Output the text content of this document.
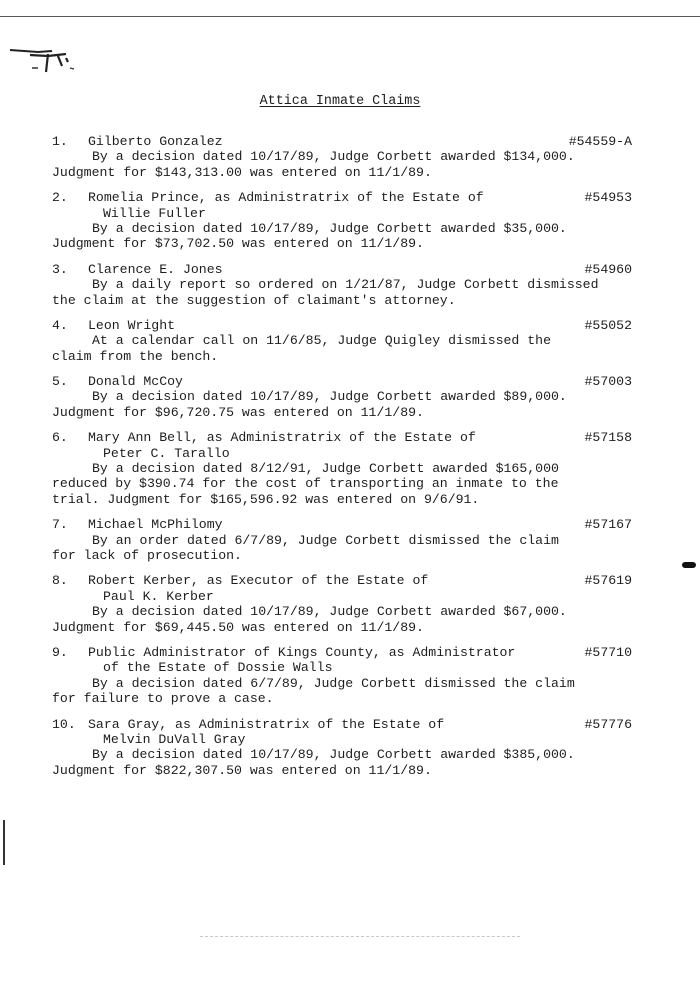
Attica Inmate Claims
1. Gilberto Gonzalez	#54559-A
By a decision dated 10/17/89, Judge Corbett awarded $134,000.
Judgment for $143,313.00 was entered on 11/1/89.
2. Romelia Prince, as Administratrix of the Estate of	#54953
Willie Fuller
By a decision dated 10/17/89, Judge Corbett awarded $35,000.
Judgment for $73,702.50 was entered on 11/1/89.
3. Clarence E. Jones	#54960
By a daily report so ordered on 1/21/87, Judge Corbett dismissed
the claim at the suggestion of claimant's attorney.
4. Leon Wright	#55052
At a calendar call on 11/6/85, Judge Quigley dismissed the
claim from the bench.
5. Donald McCoy	#57003
By a decision dated 10/17/89, Judge Corbett awarded $89,000.
Judgment for $96,720.75 was entered on 11/1/89.
6. Mary Ann Bell, as Administratrix of the Estate of	#57158
Peter C. Tarallo
By a decision dated 8/12/91, Judge Corbett awarded $165,000
reduced by $390.74 for the cost of transporting an inmate to the
trial. Judgment for $165,596.92 was entered on 9/6/91.
7. Michael McPhilomy	#57167
By an order dated 6/7/89, Judge Corbett dismissed the claim
for lack of prosecution.
8. Robert Kerber, as Executor of the Estate of	#57619
Paul K. Kerber
By a decision dated 10/17/89, Judge Corbett awarded $67,000.
Judgment for $69,445.50 was entered on 11/1/89.
9. Public Administrator of Kings County, as Administrator	#57710
of the Estate of Dossie Walls
By a decision dated 6/7/89, Judge Corbett dismissed the claim
for failure to prove a case.
10. Sara Gray, as Administratrix of the Estate of	#57776
Melvin DuVall Gray
By a decision dated 10/17/89, Judge Corbett awarded $385,000.
Judgment for $822,307.50 was entered on 11/1/89.
